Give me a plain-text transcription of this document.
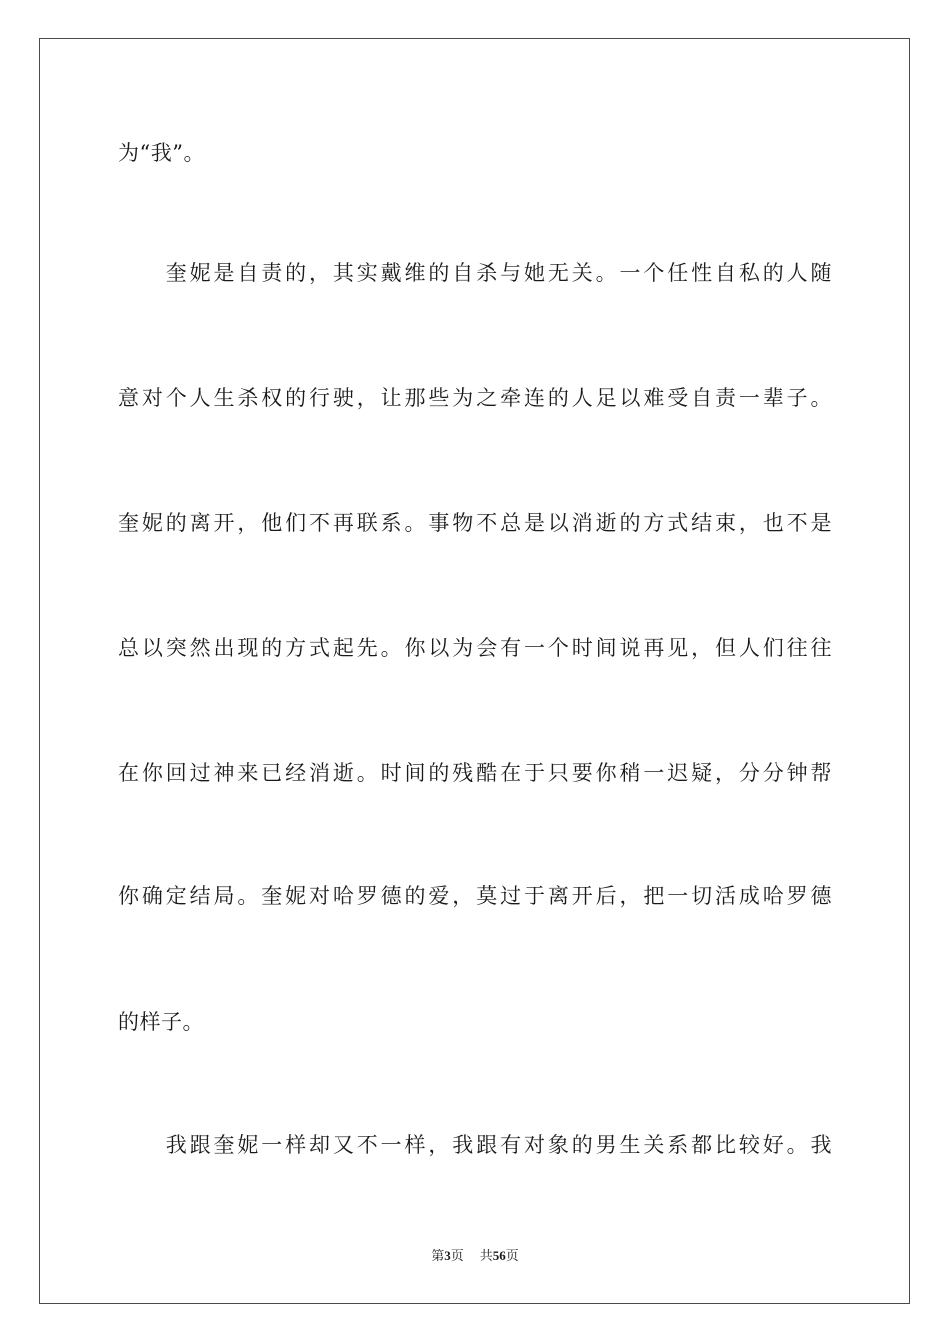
为“我”。
　　奎妮是自责的，其实戴维的自杀与她无关。一个任性自私的人随
意对个人生杀权的行驶，让那些为之牵连的人足以难受自责一辈子。
奎妮的离开，他们不再联系。事物不总是以消逝的方式结束，也不是
总以突然出现的方式起先。你以为会有一个时间说再见，但人们往往
在你回过神来已经消逝。时间的残酷在于只要你稍一迟疑，分分钟帮
你确定结局。奎妮对哈罗德的爱，莫过于离开后，把一切活成哈罗德
的样子。
　　我跟奎妮一样却又不一样，我跟有对象的男生关系都比较好。我
第3页 共56页
